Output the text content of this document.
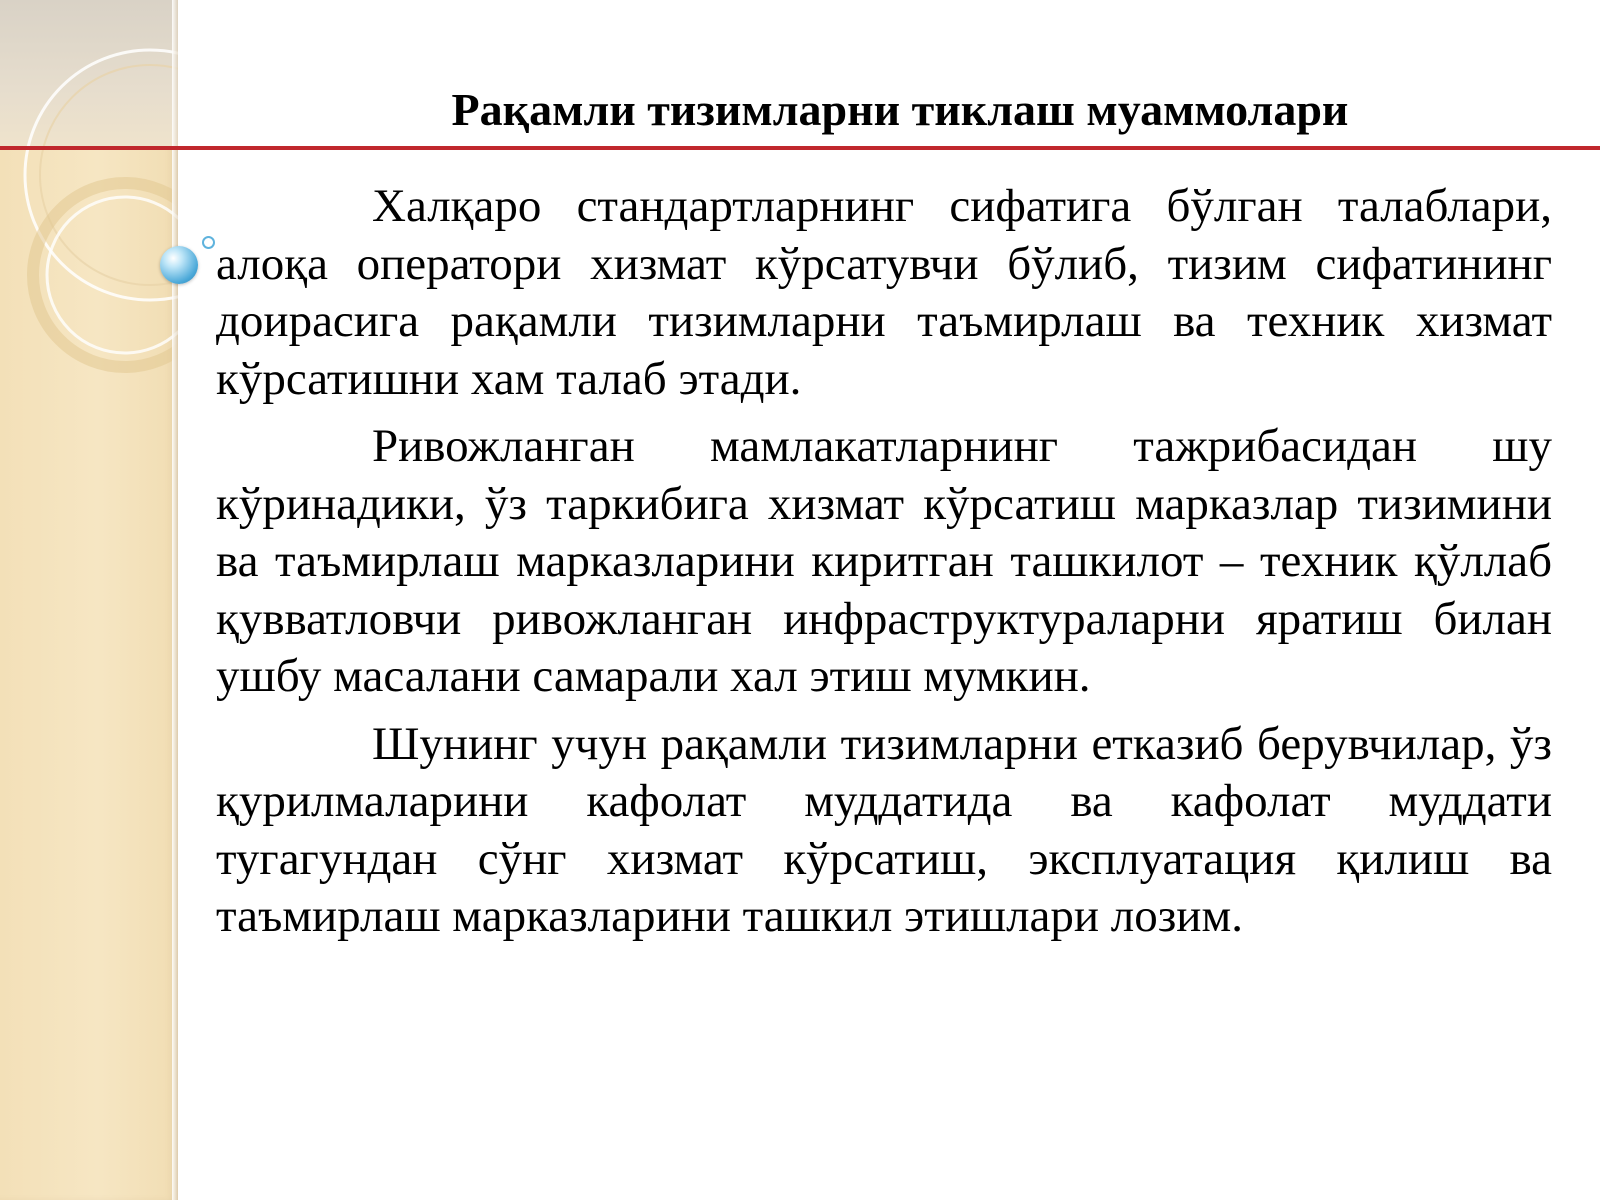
Рақамли тизимларни тиклаш муаммолари

Халқаро стандартларнинг сифатига бўлган талаблари, алоқа оператори хизмат кўрсатувчи бўлиб, тизим сифатининг доирасига рақамли тизимларни таъмирлаш ва техник хизмат кўрсатишни хам талаб этади.

Ривожланган мамлакатларнинг тажрибасидан шу кўринадики, ўз таркибига хизмат кўрсатиш марказлар тизимини ва таъмирлаш марказларини киритган ташкилот – техник қўллаб қувватловчи ривожланган инфраструктураларни яратиш билан ушбу масалани самарали хал этиш мумкин.

Шунинг учун рақамли тизимларни етказиб берувчилар, ўз қурилмаларини кафолат муддатида ва кафолат муддати тугагундан сўнг хизмат кўрсатиш, эксплуатация қилиш ва таъмирлаш марказларини ташкил этишлари лозим.
